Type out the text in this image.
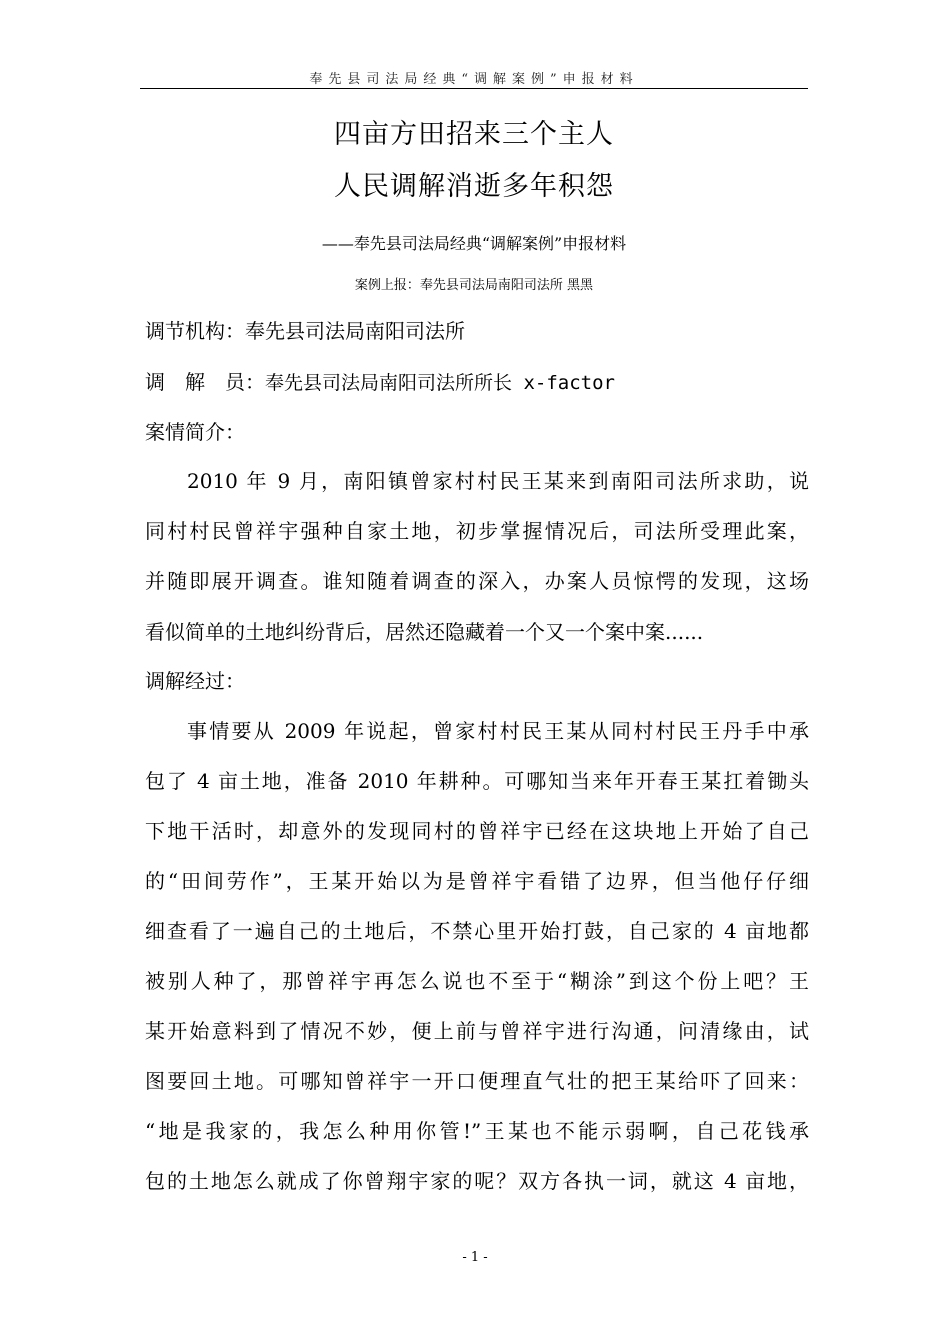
奉先县司法局经典“调解案例”申报材料
四亩方田招来三个主人
人民调解消逝多年积怨
——奉先县司法局经典“调解案例”申报材料
案例上报：奉先县司法局南阳司法所 黑黑
调节机构：奉先县司法局南阳司法所
调　解　员：奉先县司法局南阳司法所所长 x-factor
案情简介：
2010 年 9 月，南阳镇曾家村村民王某来到南阳司法所求助，说
同村村民曾祥宇强种自家土地，初步掌握情况后，司法所受理此案，
并随即展开调查。谁知随着调查的深入，办案人员惊愕的发现，这场
看似简单的土地纠纷背后，居然还隐藏着一个又一个案中案......
调解经过：
事情要从 2009 年说起，曾家村村民王某从同村村民王丹手中承
包了 4 亩土地，准备 2010 年耕种。可哪知当来年开春王某扛着锄头
下地干活时，却意外的发现同村的曾祥宇已经在这块地上开始了自己
的“田间劳作”，王某开始以为是曾祥宇看错了边界，但当他仔仔细
细查看了一遍自己的土地后，不禁心里开始打鼓，自己家的 4 亩地都
被别人种了，那曾祥宇再怎么说也不至于“糊涂”到这个份上吧？王
某开始意料到了情况不妙，便上前与曾祥宇进行沟通，问清缘由，试
图要回土地。可哪知曾祥宇一开口便理直气壮的把王某给吓了回来：
“地是我家的，我怎么种用你管!”王某也不能示弱啊，自己花钱承
包的土地怎么就成了你曾翔宇家的呢？双方各执一词，就这 4 亩地，
- 1 -
